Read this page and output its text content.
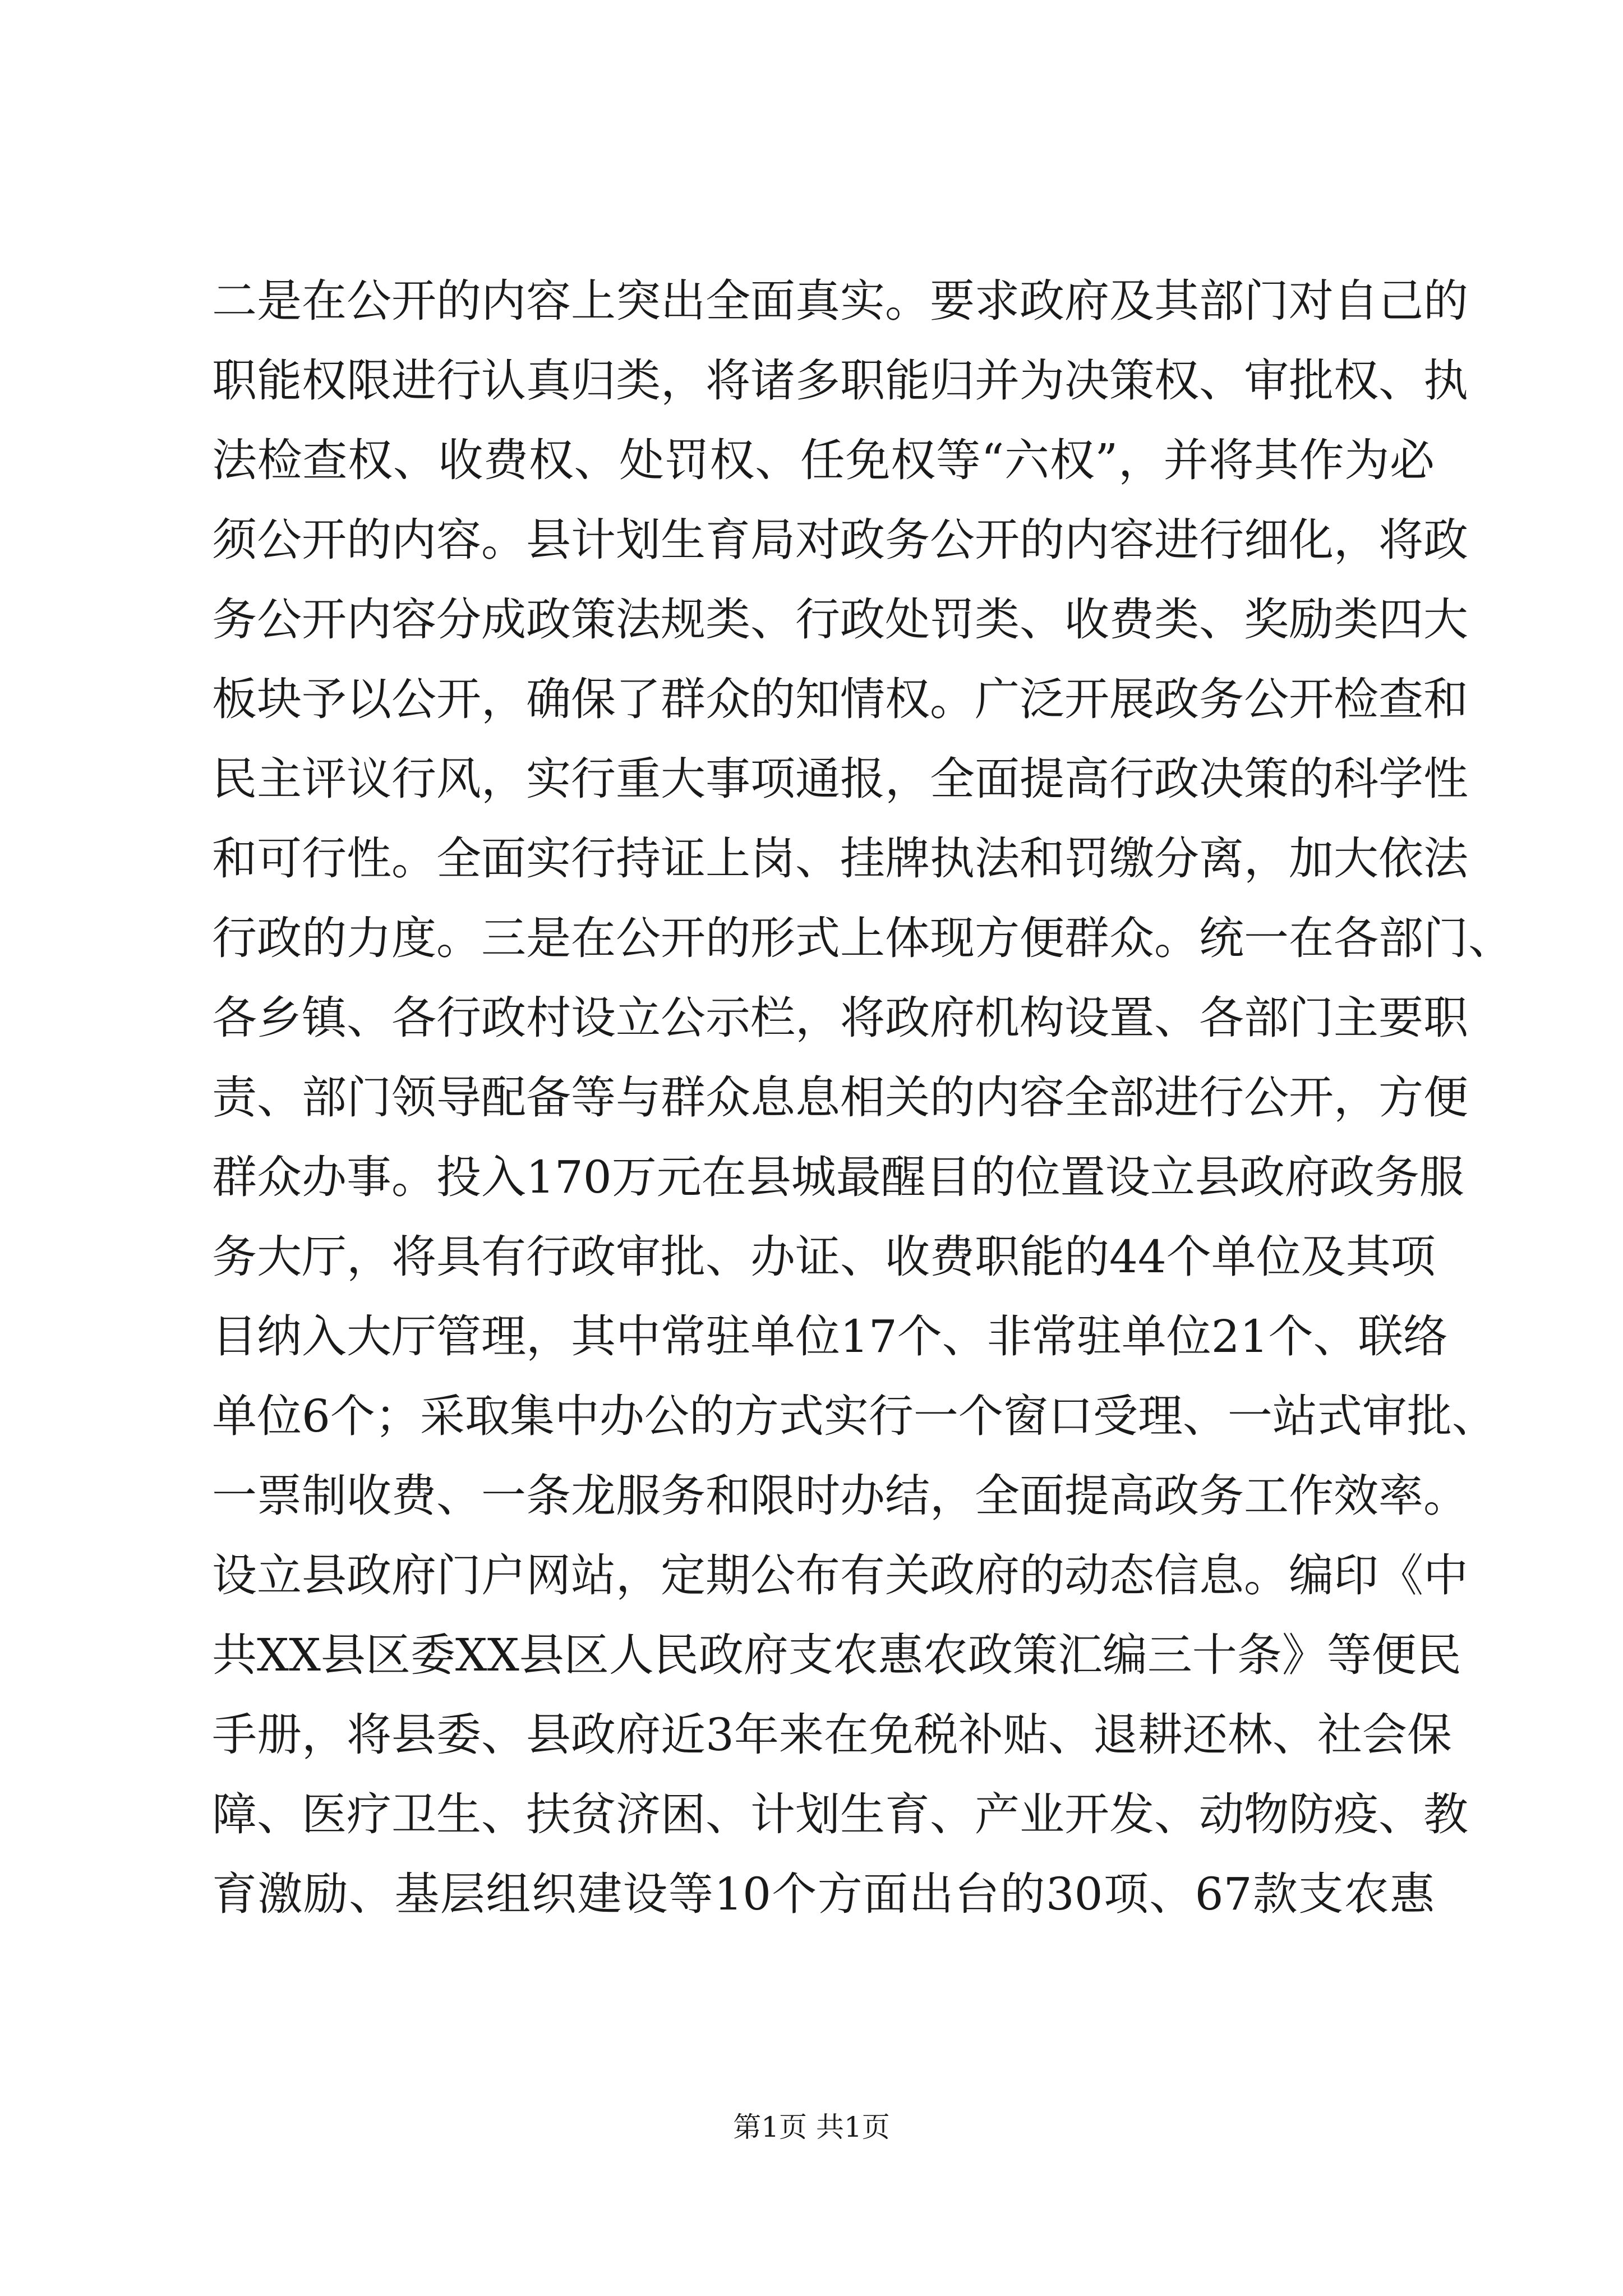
二是在公开的内容上突出全面真实。要求政府及其部门对自己的
职能权限进行认真归类，将诸多职能归并为决策权、审批权、执
法检查权、收费权、处罚权、任免权等“六权”，并将其作为必
须公开的内容。县计划生育局对政务公开的内容进行细化，将政
务公开内容分成政策法规类、行政处罚类、收费类、奖励类四大
板块予以公开，确保了群众的知情权。广泛开展政务公开检查和
民主评议行风，实行重大事项通报，全面提高行政决策的科学性
和可行性。全面实行持证上岗、挂牌执法和罚缴分离，加大依法
行政的力度。三是在公开的形式上体现方便群众。统一在各部门、
各乡镇、各行政村设立公示栏，将政府机构设置、各部门主要职
责、部门领导配备等与群众息息相关的内容全部进行公开，方便
群众办事。投入170万元在县城最醒目的位置设立县政府政务服
务大厅，将具有行政审批、办证、收费职能的44个单位及其项
目纳入大厅管理，其中常驻单位17个、非常驻单位21个、联络
单位6个；采取集中办公的方式实行一个窗口受理、一站式审批、
一票制收费、一条龙服务和限时办结，全面提高政务工作效率。
设立县政府门户网站，定期公布有关政府的动态信息。编印《中
共XX县区委XX县区人民政府支农惠农政策汇编三十条》等便民
手册，将县委、县政府近3年来在免税补贴、退耕还林、社会保
障、医疗卫生、扶贫济困、计划生育、产业开发、动物防疫、教
育激励、基层组织建设等10个方面出台的30项、67款支农惠
第1页 共1页
